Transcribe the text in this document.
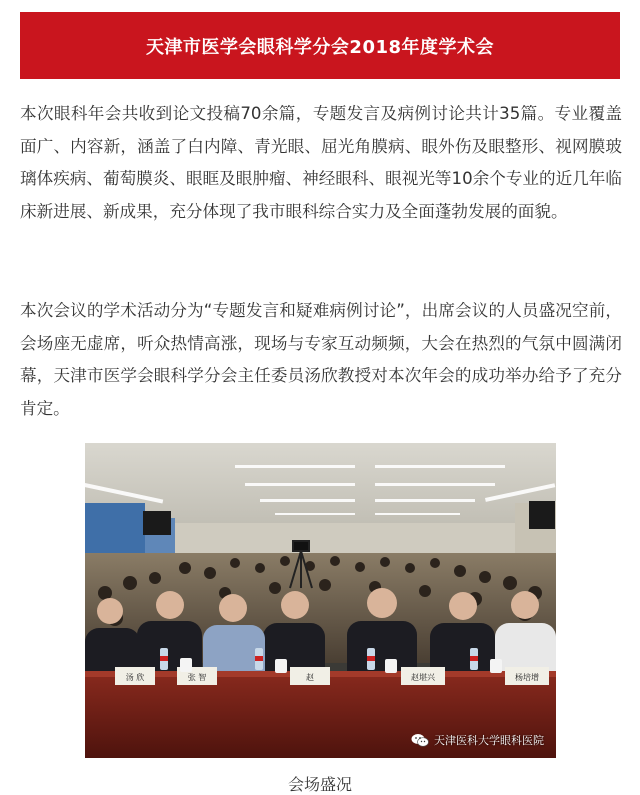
天津市医学会眼科学分会2018年度学术会

本次眼科年会共收到论文投稿70余篇，专题发言及病例讨论共计35篇。专业覆盖面广、内容新，涵盖了白内障、青光眼、屈光角膜病、眼外伤及眼整形、视网膜玻璃体疾病、葡萄膜炎、眼眶及眼肿瘤、神经眼科、眼视光等10余个专业的近几年临床新进展、新成果，充分体现了我市眼科综合实力及全面蓬勃发展的面貌。

本次会议的学术活动分为“专题发言和疑难病例讨论”，出席会议的人员盛况空前，会场座无虚席，听众热情高涨，现场与专家互动频频，大会在热烈的气氛中圆满闭幕，天津市医学会眼科学分会主任委员汤欣教授对本次年会的成功举办给予了充分肯定。

汤 欣	张 智	赵	赵堪兴	杨培增
天津医科大学眼科医院
会场盛况
